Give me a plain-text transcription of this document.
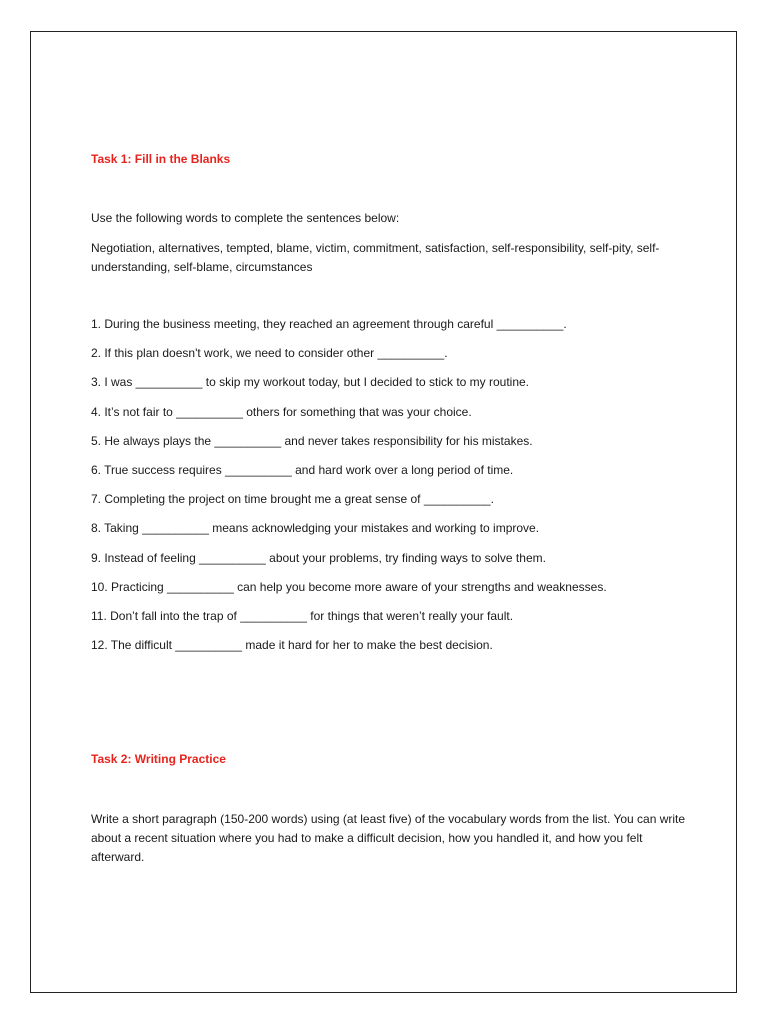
Task 1: Fill in the Blanks

Use the following words to complete the sentences below:

Negotiation, alternatives, tempted, blame, victim, commitment, satisfaction, self-responsibility, self-pity, self-understanding, self-blame, circumstances

1. During the business meeting, they reached an agreement through careful __________.
2. If this plan doesn't work, we need to consider other __________.
3. I was __________ to skip my workout today, but I decided to stick to my routine.
4. It’s not fair to __________ others for something that was your choice.
5. He always plays the __________ and never takes responsibility for his mistakes.
6. True success requires __________ and hard work over a long period of time.
7. Completing the project on time brought me a great sense of __________.
8. Taking __________ means acknowledging your mistakes and working to improve.
9. Instead of feeling __________ about your problems, try finding ways to solve them.
10. Practicing __________ can help you become more aware of your strengths and weaknesses.
11. Don’t fall into the trap of __________ for things that weren’t really your fault.
12. The difficult __________ made it hard for her to make the best decision.
Task 2: Writing Practice

Write a short paragraph (150-200 words) using (at least five) of the vocabulary words from the list. You can write about a recent situation where you had to make a difficult decision, how you handled it, and how you felt afterward.
